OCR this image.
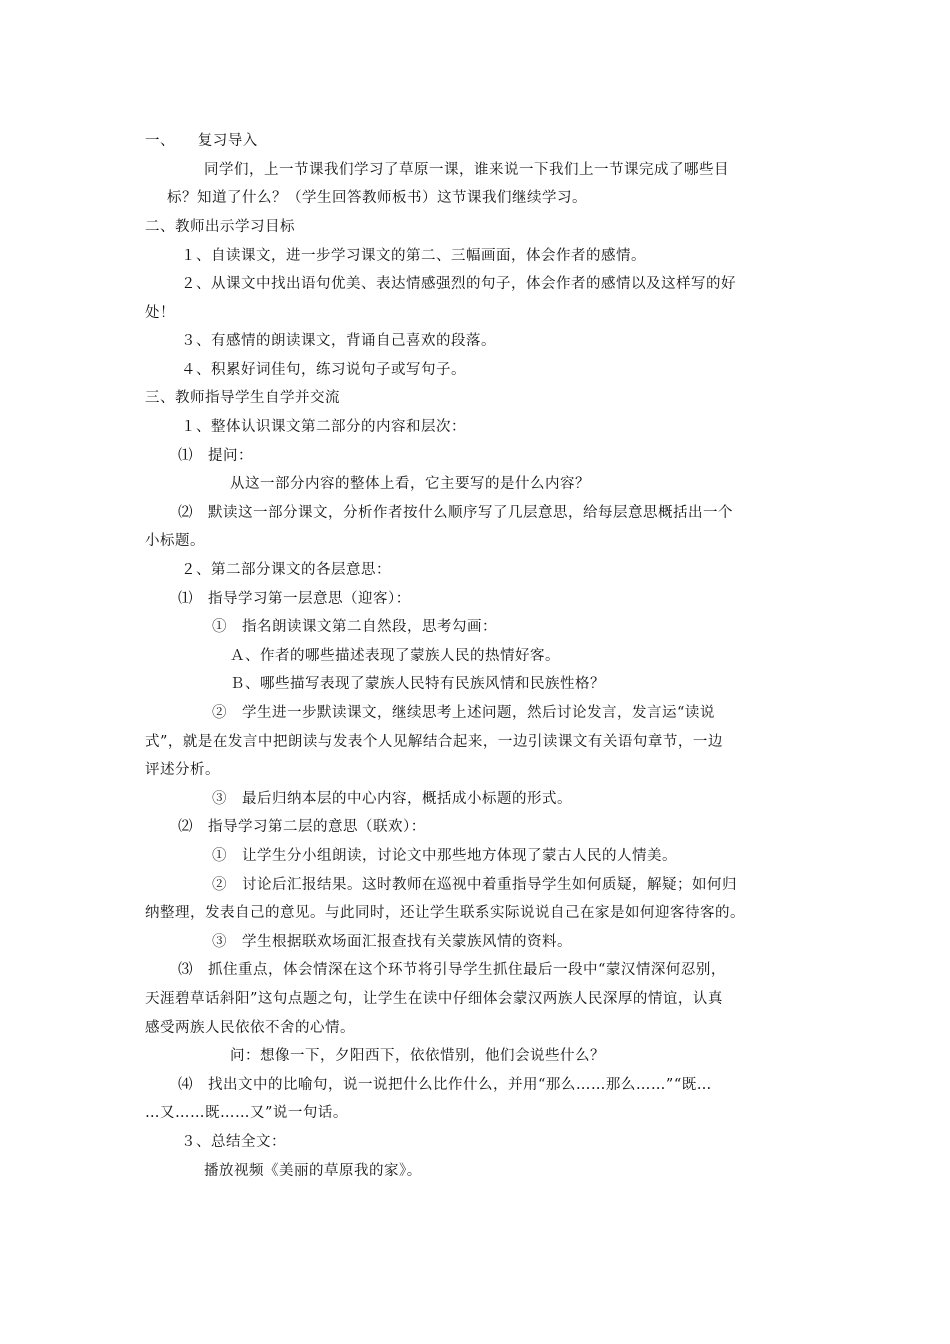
一、　　复习导入
同学们，上一节课我们学习了草原一课，谁来说一下我们上一节课完成了哪些目
标？知道了什么？（学生回答教师板书）这节课我们继续学习。
二、教师出示学习目标
１、自读课文，进一步学习课文的第二、三幅画面，体会作者的感情。
２、从课文中找出语句优美、表达情感强烈的句子，体会作者的感情以及这样写的好
处！
３、有感情的朗读课文，背诵自己喜欢的段落。
４、积累好词佳句，练习说句子或写句子。
三、教师指导学生自学并交流
１、整体认识课文第二部分的内容和层次：
⑴　提问：
从这一部分内容的整体上看，它主要写的是什么内容？
⑵　默读这一部分课文，分析作者按什么顺序写了几层意思，给每层意思概括出一个
小标题。
２、第二部分课文的各层意思：
⑴　指导学习第一层意思（迎客）：
①　指名朗读课文第二自然段，思考勾画：
Ａ、作者的哪些描述表现了蒙族人民的热情好客。
Ｂ、哪些描写表现了蒙族人民特有民族风情和民族性格？
②　学生进一步默读课文，继续思考上述问题，然后讨论发言，发言运“读说
式”，就是在发言中把朗读与发表个人见解结合起来，一边引读课文有关语句章节，一边
评述分析。
③　最后归纳本层的中心内容，概括成小标题的形式。
⑵　指导学习第二层的意思（联欢）：
①　让学生分小组朗读，讨论文中那些地方体现了蒙古人民的人情美。
②　讨论后汇报结果。这时教师在巡视中着重指导学生如何质疑，解疑；如何归
纳整理，发表自己的意见。与此同时，还让学生联系实际说说自己在家是如何迎客待客的。
③　学生根据联欢场面汇报查找有关蒙族风情的资料。
⑶　抓住重点，体会情深在这个环节将引导学生抓住最后一段中“蒙汉情深何忍别，
天涯碧草话斜阳”这句点题之句，让学生在读中仔细体会蒙汉两族人民深厚的情谊，认真
感受两族人民依依不舍的心情。
问：想像一下，夕阳西下，依依惜别，他们会说些什么？
⑷　找出文中的比喻句，说一说把什么比作什么，并用“那么……那么……”“既…
…又……既……又”说一句话。
３、总结全文：
播放视频《美丽的草原我的家》。
